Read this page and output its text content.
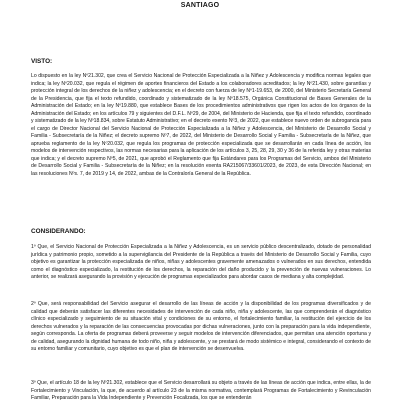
SANTIAGO
VISTO:

Lo dispuesto en la ley Nº21.302, que crea el Servicio Nacional de Protección Especializada a la Niñez y Adolescencia y modifica normas legales que indica; la ley Nº20.032, que regula el régimen de aportes financieros del Estado a los colaboradores acreditados; la ley Nº21.430, sobre garantías y protección integral de los derechos de la niñez y adolescencia; en el decreto con fuerza de ley Nº1-19.653, de 2000, del Ministerio Secretaría General de la Presidencia, que fija el texto refundido, coordinado y sistematizado de la ley Nº18.575, Orgánica Constitucional de Bases Generales de la Administración del Estado; en la ley Nº19.880, que establece Bases de los procedimientos administrativos que rigen los actos de los órganos de la Administración del Estado; en los artículos 79 y siguientes del D.F.L. Nº29, de 2004, del Ministerio de Hacienda, que fija el texto refundido, coordinado y sistematizado de la ley Nº18.834, sobre Estatuto Administrativo; en el decreto exento Nº3, de 2022, que establece nuevo orden de subrogancia para el cargo de Director Nacional del Servicio Nacional de Protección Especializada a la Niñez y Adolescencia, del Ministerio de Desarrollo Social y Familia - Subsecretaría de la Niñez; el decreto supremo Nº7, de 2022, del Ministerio de Desarrollo Social y Familia - Subsecretaría de la Niñez, que aprueba reglamento de la ley Nº20.032, que regula los programas de protección especializada que se desarrollarán en cada línea de acción, los modelos de intervención respectivos, las normas necesarias para la aplicación de los artículos 3, 25, 28, 29, 30 y 36 de la referida ley y otras materias que indica; y el decreto supremo Nº5, de 2021, que aprobó el Reglamento que fija Estándares para los Programas del Servicio, ambos del Ministerio de Desarrollo Social y Familia - Subsecretaría de la Niñez; en la resolución exenta RA215067/33601/2023, de 2023, de esta Dirección Nacional; en las resoluciones Nºs. 7, de 2019 y 14, de 2022, ambas de la Contraloría General de la República.

CONSIDERANDO:

1º Que, el Servicio Nacional de Protección Especializada a la Niñez y Adolescencia, es un servicio público descentralizado, dotado de personalidad jurídica y patrimonio propio, sometido a la supervigilancia del Presidente de la República a través del Ministerio de Desarrollo Social y Familia, cuyo objetivo es garantizar la protección especializada de niños, niñas y adolescentes gravemente amenazados o vulnerados en sus derechos, entendida como el diagnóstico especializado, la restitución de los derechos, la reparación del daño producido y la prevención de nuevas vulneraciones. Lo anterior, se realizará asegurando la provisión y ejecución de programas especializados para abordar casos de mediana y alta complejidad.

2º Que, será responsabilidad del Servicio asegurar el desarrollo de las líneas de acción y la disponibilidad de los programas diversificados y de calidad que deberán satisfacer las diferentes necesidades de intervención de cada niño, niña y adolescente, las que comprenderán el diagnóstico clínico especializado y seguimiento de su situación vital y condiciones de su entorno, el fortalecimiento familiar, la restitución del ejercicio de los derechos vulnerados y la reparación de las consecuencias provocadas por dichas vulneraciones, junto con la preparación para la vida independiente, según corresponda. La oferta de programas deberá proveerse y seguir modelos de intervención diferenciados, que permitan una atención oportuna y de calidad, asegurando la dignidad humana de todo niño, niña y adolescente, y se prestará de modo sistémico e integral, considerando el contexto de su entorno familiar y comunitario, cuyo objetivo es que el plan de intervención se desenvuelva.

3º Que, el artículo 18 de la ley Nº21.302, establece que el Servicio desarrollará su objeto a través de las líneas de acción que indica, entre ellas, la de Fortalecimiento y Vinculación, la que, de acuerdo al artículo 23 de la misma normativa, contemplará Programas de Fortalecimiento y Revinculación Familiar, Preparación para la Vida Independiente y Prevención Focalizada, los que se entenderán
